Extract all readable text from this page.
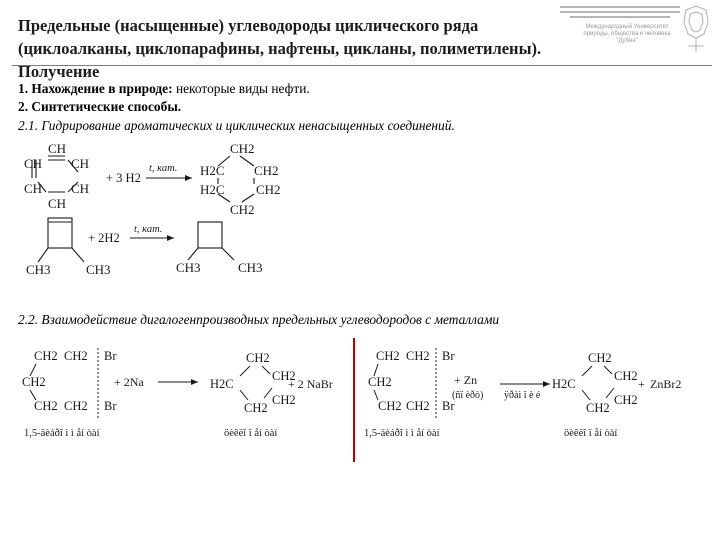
Предельные (насыщенные) углеводороды циклического ряда
(циклоалканы, циклопарафины, нафтены, цикланы, полиметилены). Получение
Международный Университет
природы, общества и человека
"Дубна"
1. Нахождение в природе: некоторые виды нефти.
2. Синтетические способы.
2.1. Гидрирование ароматических и циклических ненасыщенных соединений.
2.2. Взаимодействие дигалогенпроизводных предельных углеводородов с металлами
CH
CH CH
CH CH
CH
+ 3 H2
t, кат.
CH2
H2C CH2
H2C CH2
CH2
CH3	CH3
+ 2H2
t, кат.
CH3	CH3
CH2 CH2 Br
CH2
CH2 CH2 Br
+ 2Na
CH2
CH2
H2C
CH2
CH2
+ 2 NaBr
1,5-äèáðî ì ì åí òàí	öèêëî ï åí òàí
CH2 CH2 Br
CH2
CH2 CH2 Br
+ Zn
(ñï èðò) ÿðàì ï è é
CH2
CH2
H2C
CH2
CH2
+ ZnBr2
1,5-äèáðî ì ì åí òàí	öèêëî ï åí òàí
